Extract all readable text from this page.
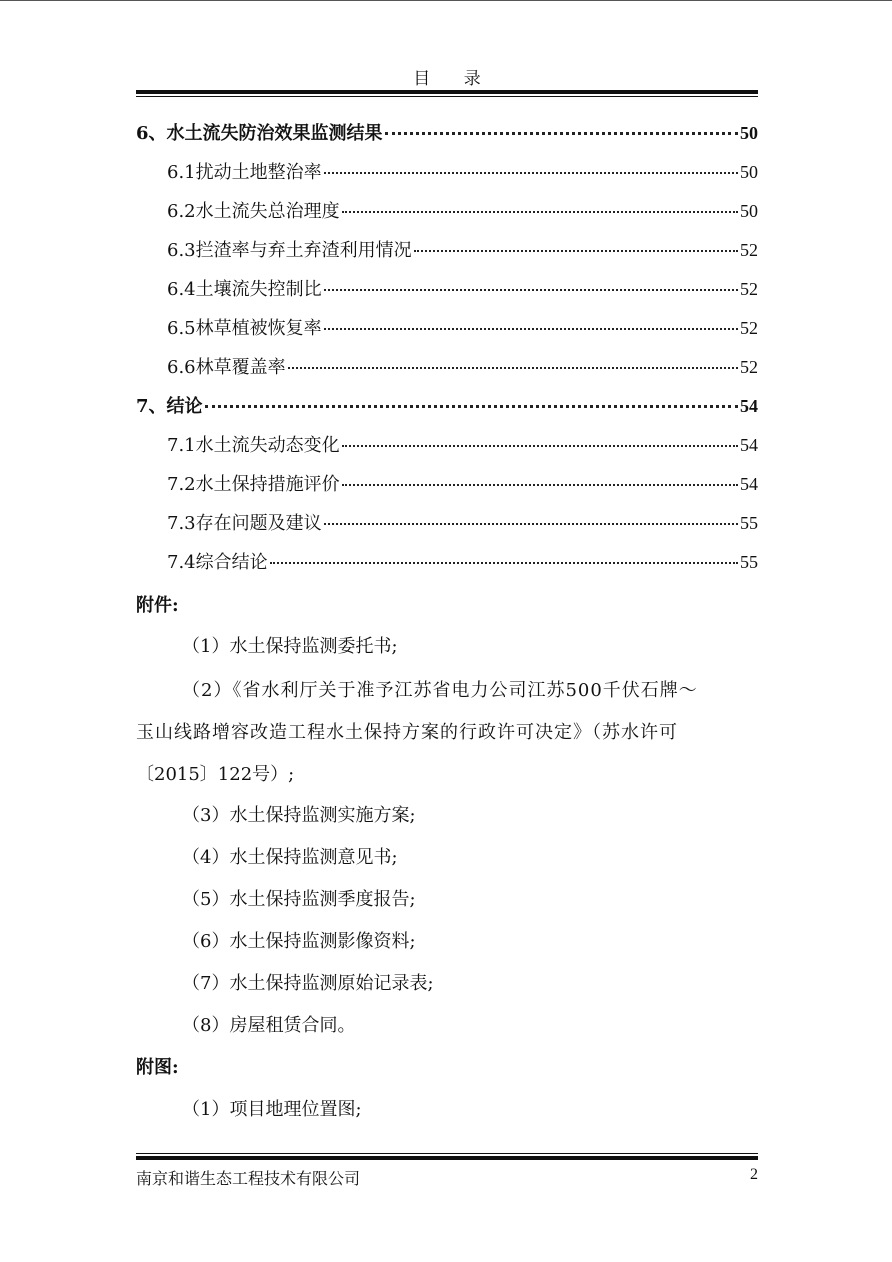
目 录
6、 水土流失防治效果监测结果	50
6.1 扰动土地整治率	50
6.2 水土流失总治理度	50
6.3 拦渣率与弃土弃渣利用情况	52
6.4 土壤流失控制比	52
6.5 林草植被恢复率	52
6.6 林草覆盖率	52
7、 结论	54
7.1 水土流失动态变化	54
7.2 水土保持措施评价	54
7.3 存在问题及建议	55
7.4 综合结论	55
附件:
（1）水土保持监测委托书;
（2）《省水利厅关于准予江苏省电力公司江苏500千伏石牌～
玉山线路增容改造工程水土保持方案的行政许可决定》（苏水许可
〔2015〕122号）;
（3）水土保持监测实施方案;
（4）水土保持监测意见书;
（5）水土保持监测季度报告;
（6）水土保持监测影像资料;
（7）水土保持监测原始记录表;
（8）房屋租赁合同。
附图:
（1）项目地理位置图;
南京和谐生态工程技术有限公司	2
